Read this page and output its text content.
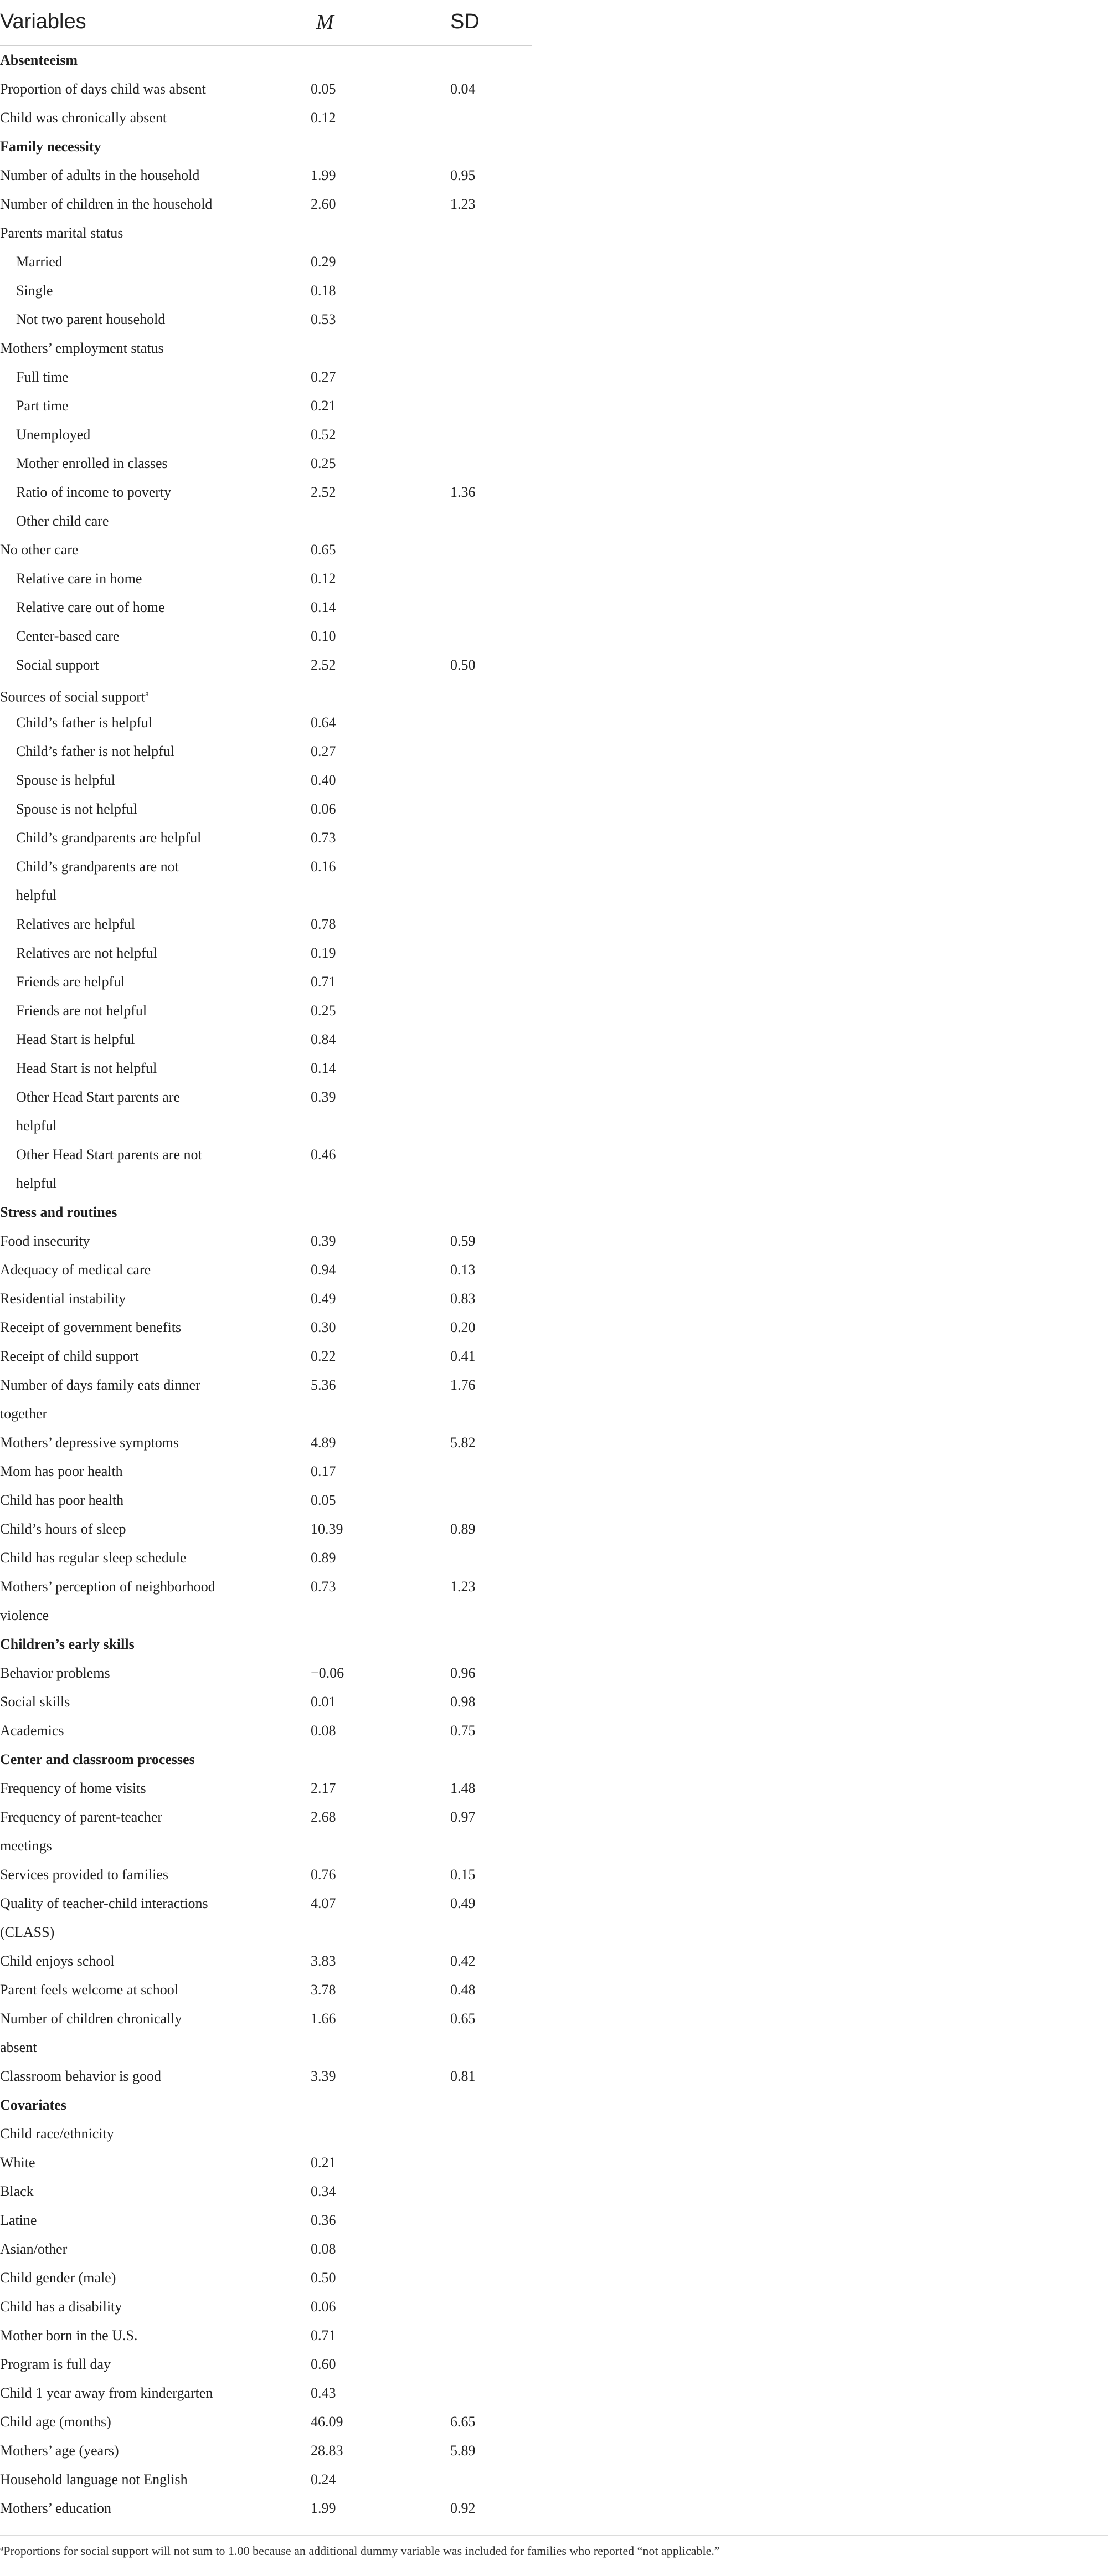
Variables	M	SD
Absenteeism
Proportion of days child was absent	0.05	0.04
Child was chronically absent	0.12
Family necessity
Number of adults in the household	1.99	0.95
Number of children in the household	2.60	1.23
Parents marital status
Married	0.29
Single	0.18
Not two parent household	0.53
Mothers’ employment status
Full time	0.27
Part time	0.21
Unemployed	0.52
Mother enrolled in classes	0.25
Ratio of income to poverty	2.52	1.36
Other child care
No other care	0.65
Relative care in home	0.12
Relative care out of home	0.14
Center-based care	0.10
Social support	2.52	0.50
Sources of social support$^a$
Child’s father is helpful	0.64
Child’s father is not helpful	0.27
Spouse is helpful	0.40
Spouse is not helpful	0.06
Child’s grandparents are helpful	0.73
Child’s grandparents are not	0.16
helpful
Relatives are helpful	0.78
Relatives are not helpful	0.19
Friends are helpful	0.71
Friends are not helpful	0.25
Head Start is helpful	0.84
Head Start is not helpful	0.14
Other Head Start parents are	0.39
helpful
Other Head Start parents are not	0.46
helpful
Stress and routines
Food insecurity	0.39	0.59
Adequacy of medical care	0.94	0.13
Residential instability	0.49	0.83
Receipt of government benefits	0.30	0.20
Receipt of child support	0.22	0.41
Number of days family eats dinner	5.36	1.76
together
Mothers’ depressive symptoms	4.89	5.82
Mom has poor health	0.17
Child has poor health	0.05
Child’s hours of sleep	10.39	0.89
Child has regular sleep schedule	0.89
Mothers’ perception of neighborhood	0.73	1.23
violence
Children’s early skills
Behavior problems	−0.06	0.96
Social skills	0.01	0.98
Academics	0.08	0.75
Center and classroom processes
Frequency of home visits	2.17	1.48
Frequency of parent-teacher	2.68	0.97
meetings
Services provided to families	0.76	0.15
Quality of teacher-child interactions	4.07	0.49
(CLASS)
Child enjoys school	3.83	0.42
Parent feels welcome at school	3.78	0.48
Number of children chronically	1.66	0.65
absent
Classroom behavior is good	3.39	0.81
Covariates
Child race/ethnicity
White	0.21
Black	0.34
Latine	0.36
Asian/other	0.08
Child gender (male)	0.50
Child has a disability	0.06
Mother born in the U.S.	0.71
Program is full day	0.60
Child 1 year away from kindergarten	0.43
Child age (months)	46.09	6.65
Mothers’ age (years)	28.83	5.89
Household language not English	0.24
Mothers’ education	1.99	0.92
$^a$Proportions for social support will not sum to 1.00 because an additional dummy variable was included for families who reported “not applicable.”
